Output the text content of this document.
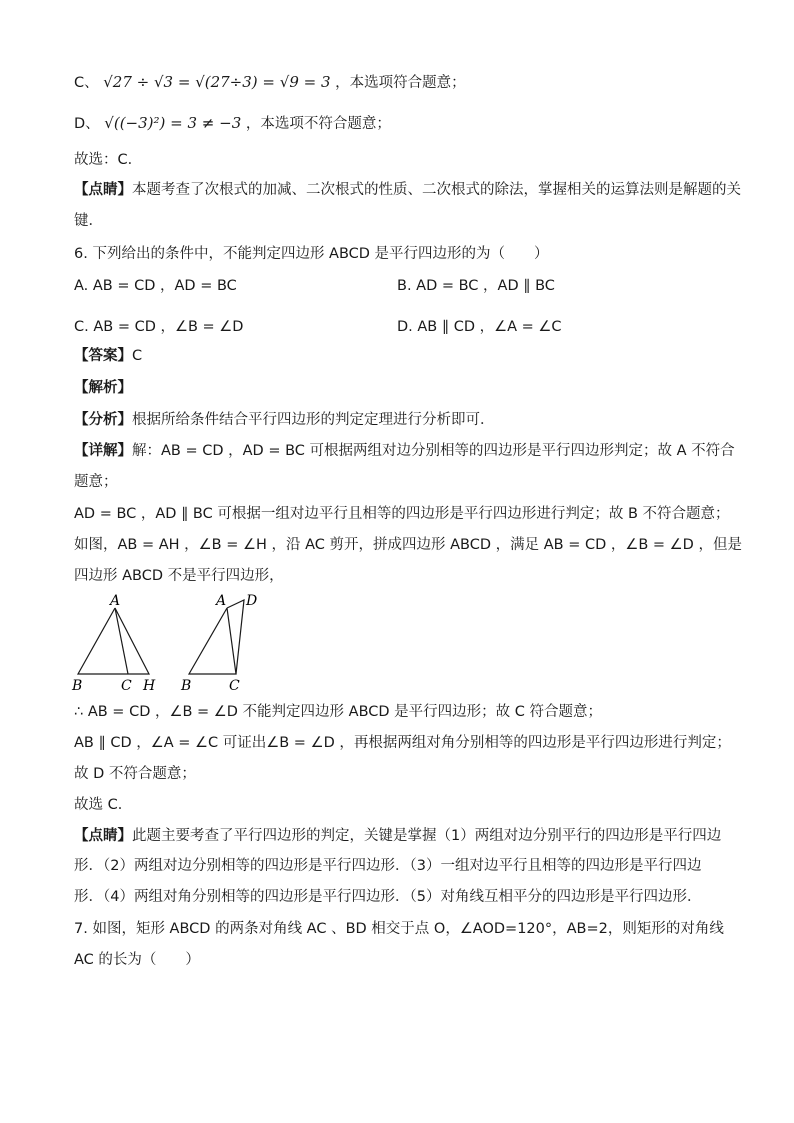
C、 √27 ÷ √3 = √(27÷3) = √9 = 3 ，本选项符合题意；
D、 √((−3)²) = 3 ≠ −3 ，本选项不符合题意；
故选：C．
【点睛】本题考查了次根式的加减、二次根式的性质、二次根式的除法，掌握相关的运算法则是解题的关
键．
6. 下列给出的条件中，不能判定四边形 ABCD 是平行四边形的为（　　）
A. AB = CD ，AD = BC	B. AD = BC ，AD ∥ BC
C. AB = CD ，∠B = ∠D	D. AB ∥ CD ，∠A = ∠C
【答案】C
【解析】
【分析】根据所给条件结合平行四边形的判定定理进行分析即可．
【详解】解：AB = CD ，AD = BC 可根据两组对边分别相等的四边形是平行四边形判定；故 A 不符合
题意；
AD = BC ，AD ∥ BC 可根据一组对边平行且相等的四边形是平行四边形进行判定；故 B 不符合题意；
如图，AB = AH ，∠B = ∠H ，沿 AC 剪开，拼成四边形 ABCD ，满足 AB = CD ，∠B = ∠D ，但是
四边形 ABCD 不是平行四边形，
A
B	C H
A D
B	C
∴ AB = CD ，∠B = ∠D 不能判定四边形 ABCD 是平行四边形；故 C 符合题意；
AB ∥ CD ，∠A = ∠C 可证出∠B = ∠D ，再根据两组对角分别相等的四边形是平行四边形进行判定；
故 D 不符合题意；
故选 C．
【点睛】此题主要考查了平行四边形的判定，关键是掌握（1）两组对边分别平行的四边形是平行四边
形．（2）两组对边分别相等的四边形是平行四边形．（3）一组对边平行且相等的四边形是平行四边
形．（4）两组对角分别相等的四边形是平行四边形．（5）对角线互相平分的四边形是平行四边形．
7. 如图，矩形 ABCD 的两条对角线 AC 、BD 相交于点 O，∠AOD=120°，AB=2，则矩形的对角线
AC 的长为（　　）
